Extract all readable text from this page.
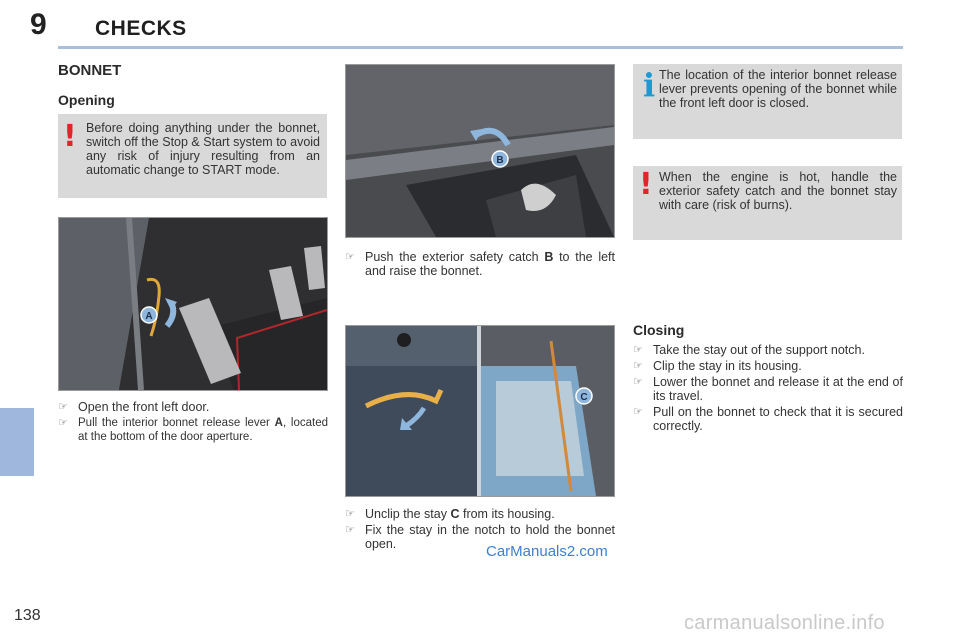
9 CHECKS
138
BONNET
Opening
! Before doing anything under the bonnet, switch off the Stop & Start system to avoid any risk of injury resulting from an automatic change to START mode.
A
☞ Open the front left door.
☞ Pull the interior bonnet release lever A, located at the bottom of the door aperture.
B
☞ Push the exterior safety catch B to the left and raise the bonnet.
C
☞ Unclip the stay C from its housing.
☞ Fix the stay in the notch to hold the bonnet open.
i The location of the interior bonnet release lever prevents opening of the bonnet while the front left door is closed.
! When the engine is hot, handle the exterior safety catch and the bonnet stay with care (risk of burns).
Closing
☞ Take the stay out of the support notch.
☞ Clip the stay in its housing.
☞ Lower the bonnet and release it at the end of its travel.
☞ Pull on the bonnet to check that it is secured correctly.
CarManuals2.com
carmanualsonline.info
